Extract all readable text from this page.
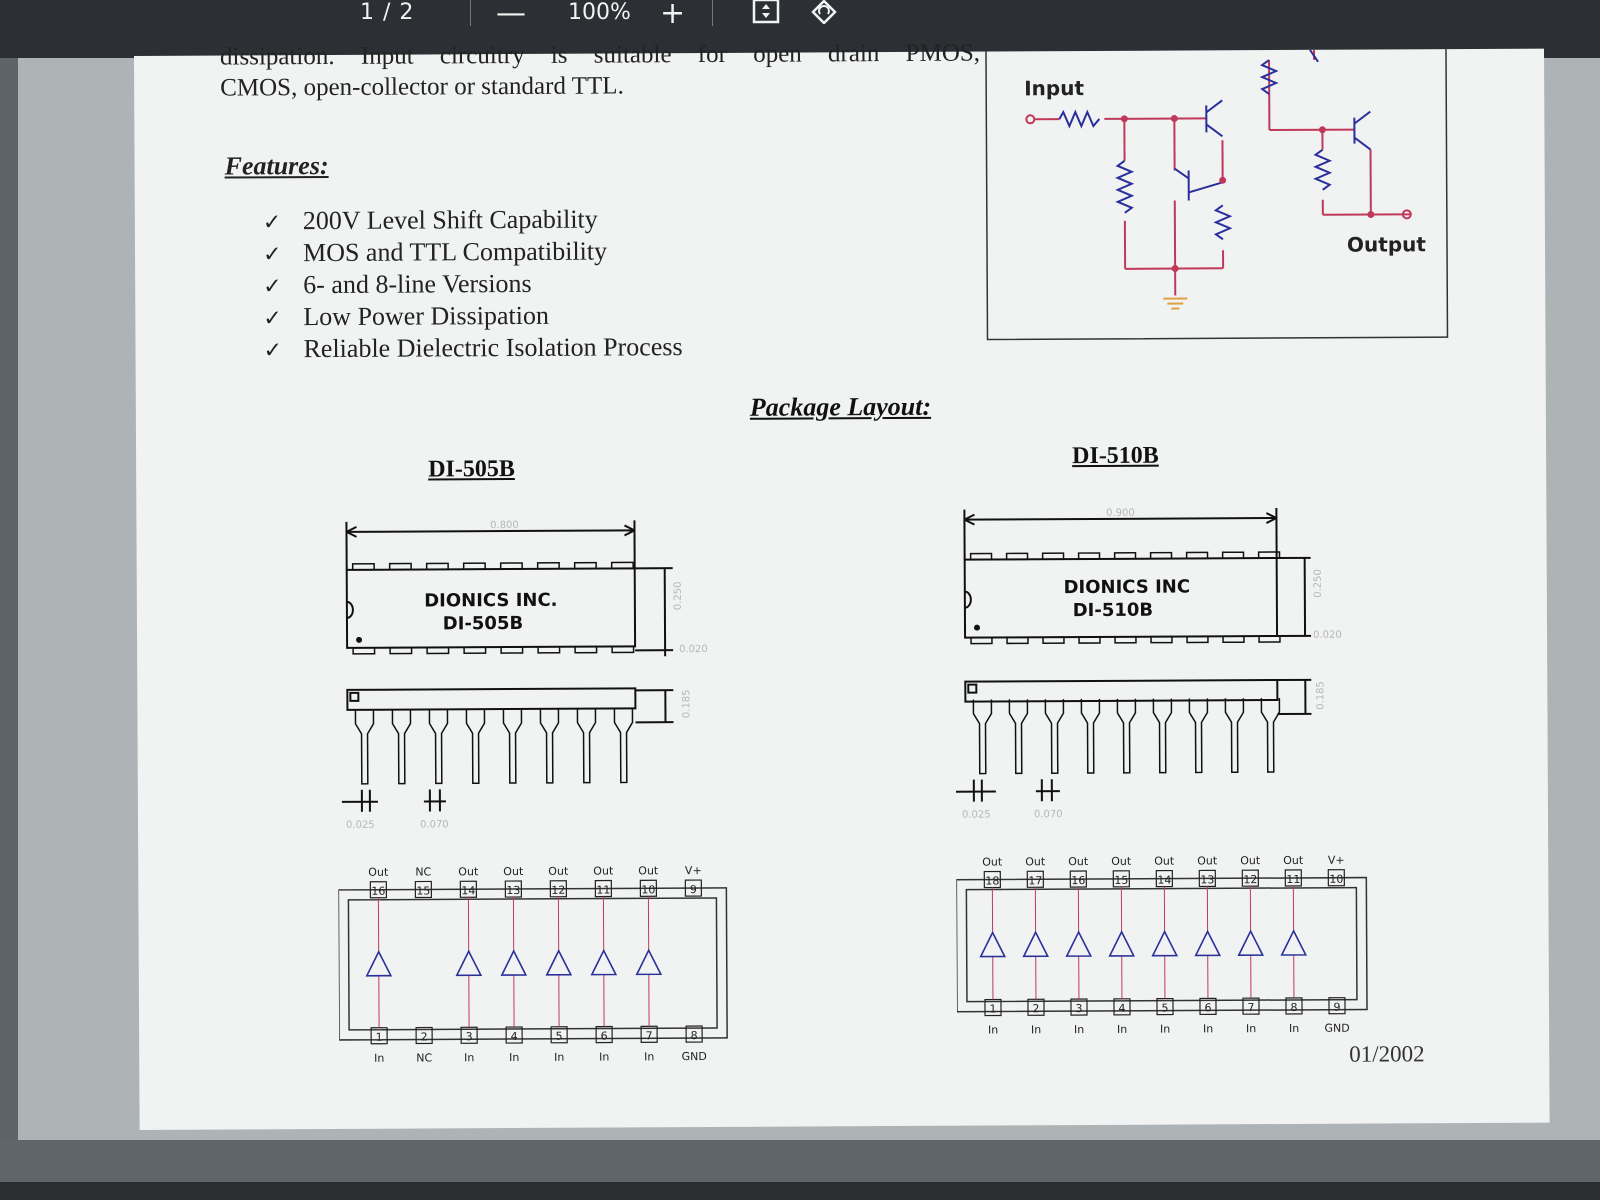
1 / 2	— 100% +
dissipation. Input circuitry is suitable for open drain PMOS,
CMOS, open-collector or standard TTL.
Features:
✓ 200V Level Shift Capability
✓ MOS and TTL Compatibility
✓ 6- and 8-line Versions
✓ Low Power Dissipation
✓ Reliable Dielectric Isolation Process
Input
Output
Package Layout:
DI-505B
0.800
0.250
0.020
0.185
0.025	0.070
DIONICS INC.
DI-505B
Out
16
1
In
NC
15
2
NC
Out
14
3
In
Out
13
4
In
Out
12
5
In
Out
11
6
In
Out
10
7
In
V+
9
8
GND
DI-510B
0.900
0.250
0.020
0.185
0.025	0.070
DIONICS INC
DI-510B
Out
18
1
In
Out
17
2
In
Out
16
3
In
Out
15
4
In
Out
14
5
In
Out
13
6
In
Out
12
7
In
Out
11
8
In
V+
10
9
GND
01/2002
